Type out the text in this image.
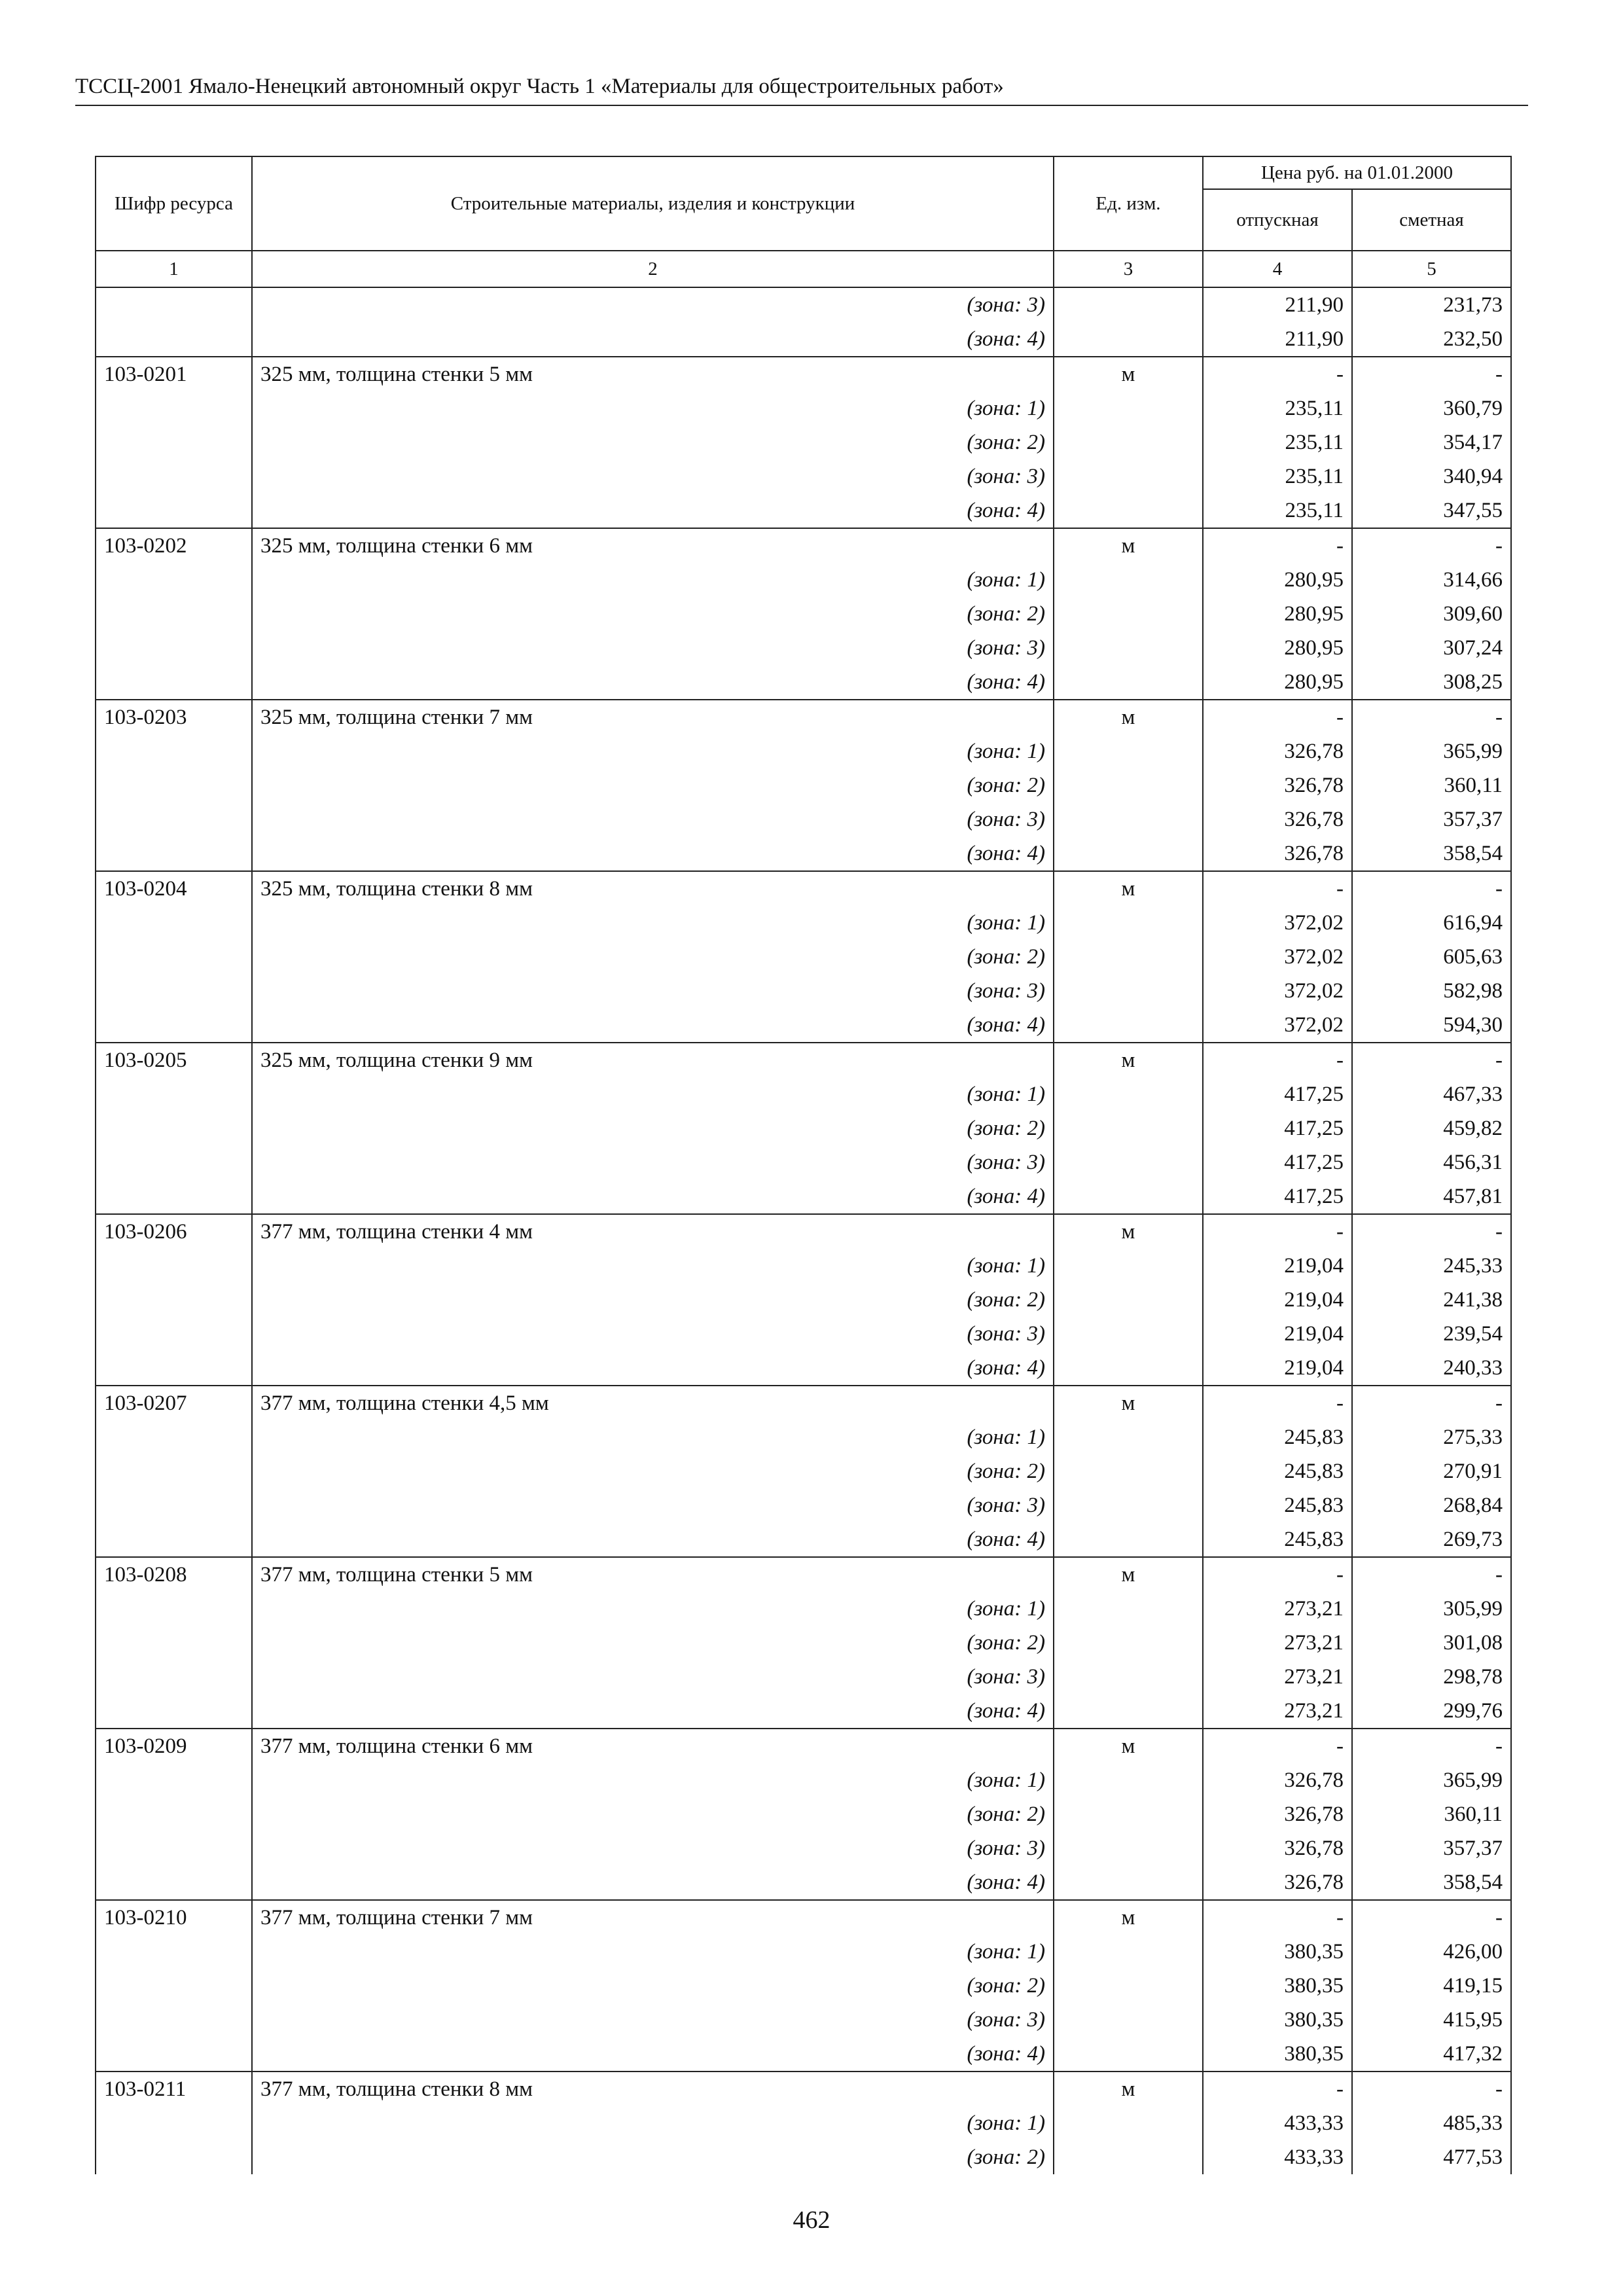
ТССЦ-2001 Ямало-Ненецкий автономный округ Часть 1 «Материалы для общестроительных работ»
Шифр ресурса	Строительные материалы, изделия и конструкции	Ед. изм.	Цена руб. на 01.01.2000	
			отпускная	сметная
1	2	3	4	5
	(зона: 3)		211,90	231,73
	(зона: 4)		211,90	232,50
103-0201	325 мм, толщина стенки 5 мм	м	-	-
	(зона: 1)		235,11	360,79
	(зона: 2)		235,11	354,17
	(зона: 3)		235,11	340,94
	(зона: 4)		235,11	347,55
103-0202	325 мм, толщина стенки 6 мм	м	-	-
	(зона: 1)		280,95	314,66
	(зона: 2)		280,95	309,60
	(зона: 3)		280,95	307,24
	(зона: 4)		280,95	308,25
103-0203	325 мм, толщина стенки 7 мм	м	-	-
	(зона: 1)		326,78	365,99
	(зона: 2)		326,78	360,11
	(зона: 3)		326,78	357,37
	(зона: 4)		326,78	358,54
103-0204	325 мм, толщина стенки 8 мм	м	-	-
	(зона: 1)		372,02	616,94
	(зона: 2)		372,02	605,63
	(зона: 3)		372,02	582,98
	(зона: 4)		372,02	594,30
103-0205	325 мм, толщина стенки 9 мм	м	-	-
	(зона: 1)		417,25	467,33
	(зона: 2)		417,25	459,82
	(зона: 3)		417,25	456,31
	(зона: 4)		417,25	457,81
103-0206	377 мм, толщина стенки 4 мм	м	-	-
	(зона: 1)		219,04	245,33
	(зона: 2)		219,04	241,38
	(зона: 3)		219,04	239,54
	(зона: 4)		219,04	240,33
103-0207	377 мм, толщина стенки 4,5 мм	м	-	-
	(зона: 1)		245,83	275,33
	(зона: 2)		245,83	270,91
	(зона: 3)		245,83	268,84
	(зона: 4)		245,83	269,73
103-0208	377 мм, толщина стенки 5 мм	м	-	-
	(зона: 1)		273,21	305,99
	(зона: 2)		273,21	301,08
	(зона: 3)		273,21	298,78
	(зона: 4)		273,21	299,76
103-0209	377 мм, толщина стенки 6 мм	м	-	-
	(зона: 1)		326,78	365,99
	(зона: 2)		326,78	360,11
	(зона: 3)		326,78	357,37
	(зона: 4)		326,78	358,54
103-0210	377 мм, толщина стенки 7 мм	м	-	-
	(зона: 1)		380,35	426,00
	(зона: 2)		380,35	419,15
	(зона: 3)		380,35	415,95
	(зона: 4)		380,35	417,32
103-0211	377 мм, толщина стенки 8 мм	м	-	-
	(зона: 1)		433,33	485,33
	(зона: 2)		433,33	477,53
462
